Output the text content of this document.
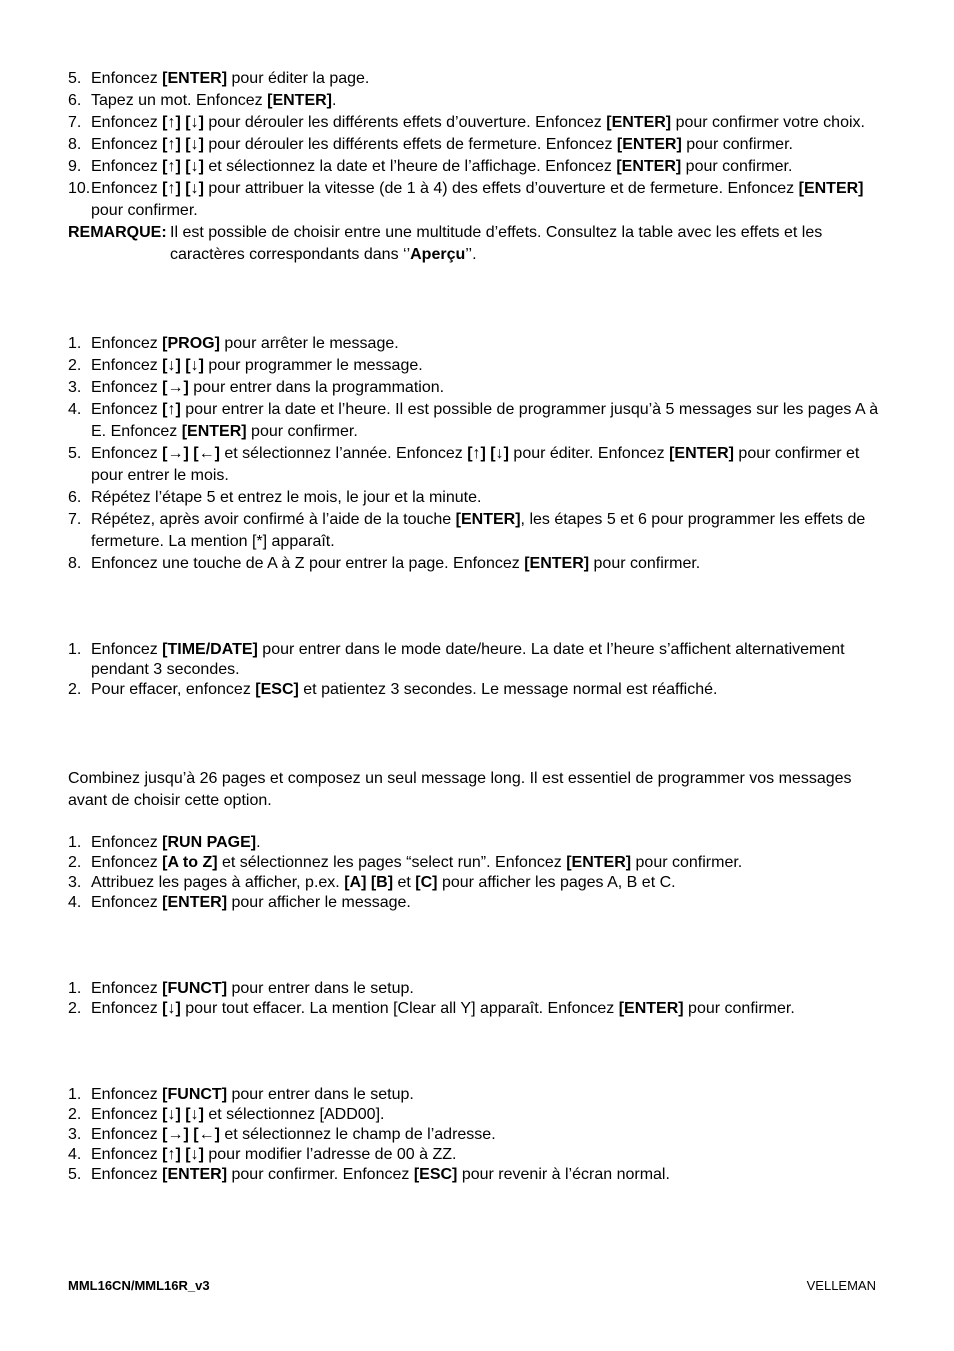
5. Enfoncez [ENTER] pour éditer la page.
6. Tapez un mot. Enfoncez [ENTER].
7. Enfoncez [↑] [↓] pour dérouler les différents effets d’ouverture. Enfoncez [ENTER] pour confirmer votre choix.
8. Enfoncez [↑] [↓] pour dérouler les différents effets de fermeture. Enfoncez [ENTER] pour confirmer.
9. Enfoncez [↑] [↓] et sélectionnez la date et l’heure de l’affichage. Enfoncez [ENTER] pour confirmer.
10. Enfoncez [↑] [↓] pour attribuer la vitesse (de 1 à 4) des effets d’ouverture et de fermeture. Enfoncez [ENTER] pour confirmer.
REMARQUE: Il est possible de choisir entre une multitude d’effets. Consultez la table avec les effets et les caractères correspondants dans ‘’Aperçu’’.
1. Enfoncez [PROG] pour arrêter le message.
2. Enfoncez [↓] [↓] pour programmer le message.
3. Enfoncez [→] pour entrer dans la programmation.
4. Enfoncez [↑] pour entrer la date et l’heure. Il est possible de programmer jusqu’à 5 messages sur les pages A à E. Enfoncez [ENTER] pour confirmer.
5. Enfoncez [→] [←] et sélectionnez l’année. Enfoncez [↑] [↓] pour éditer. Enfoncez [ENTER] pour confirmer et pour entrer le mois.
6. Répétez l’étape 5 et entrez le mois, le jour et la minute.
7. Répétez, après avoir confirmé à l’aide de la touche [ENTER], les étapes 5 et 6 pour programmer les effets de fermeture. La mention [*] apparaît.
8. Enfoncez une touche de A à Z pour entrer la page. Enfoncez [ENTER] pour confirmer.
1. Enfoncez [TIME/DATE] pour entrer dans le mode date/heure. La date et l’heure s’affichent alternativement pendant 3 secondes.
2. Pour effacer, enfoncez [ESC] et patientez 3 secondes. Le message normal est réaffiché.
Combinez jusqu’à 26 pages et composez un seul message long. Il est essentiel de programmer vos messages avant de choisir cette option.
1. Enfoncez [RUN PAGE].
2. Enfoncez [A to Z] et sélectionnez les pages “select run”. Enfoncez [ENTER] pour confirmer.
3. Attribuez les pages à afficher, p.ex. [A] [B] et [C] pour afficher les pages A, B et C.
4. Enfoncez [ENTER] pour afficher le message.
1. Enfoncez [FUNCT] pour entrer dans le setup.
2. Enfoncez [↓] pour tout effacer. La mention [Clear all Y] apparaît. Enfoncez [ENTER] pour confirmer.
1. Enfoncez [FUNCT] pour entrer dans le setup.
2. Enfoncez [↓] [↓] et sélectionnez [ADD00].
3. Enfoncez [→] [←] et sélectionnez le champ de l’adresse.
4. Enfoncez [↑] [↓] pour modifier l’adresse de 00 à ZZ.
5. Enfoncez [ENTER] pour confirmer. Enfoncez [ESC] pour revenir à l’écran normal.
MML16CN/MML16R_v3	VELLEMAN
